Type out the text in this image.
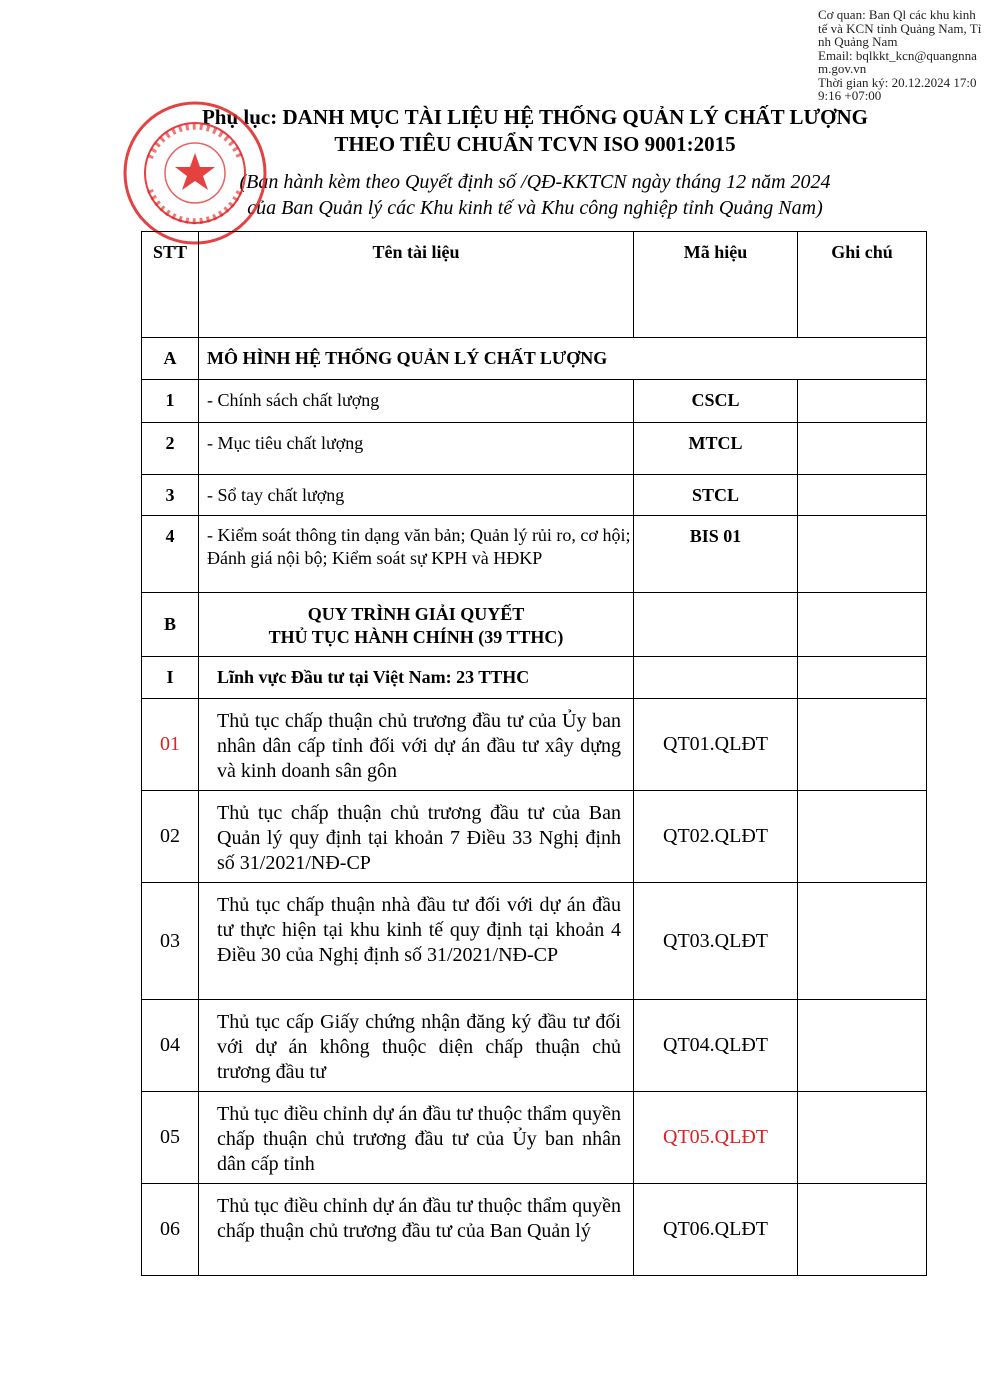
Cơ quan: Ban Ql các khu kinh tế và KCN tỉnh Quảng Nam, Tỉnh Quảng Nam
Email: bqlkkt_kcn@quangnnam.gov.vn
Thời gian ký: 20.12.2024 17:09:16 +07:00
Phụ lục: DANH MỤC TÀI LIỆU HỆ THỐNG QUẢN LÝ CHẤT LƯỢNG
THEO TIÊU CHUẨN TCVN ISO 9001:2015
(Ban hành kèm theo Quyết định số /QĐ-KKTCN ngày tháng 12 năm 2024
của Ban Quản lý các Khu kinh tế và Khu công nghiệp tỉnh Quảng Nam)
STT	Tên tài liệu	Mã hiệu	Ghi chú
A	MÔ HÌNH HỆ THỐNG QUẢN LÝ CHẤT LƯỢNG		
1	- Chính sách chất lượng	CSCL	
2	- Mục tiêu chất lượng	MTCL	
3	- Sổ tay chất lượng	STCL	
4	- Kiểm soát thông tin dạng văn bản; Quản lý rủi ro, cơ hội; Đánh giá nội bộ; Kiểm soát sự KPH và HĐKP	BIS 01	
B	QUY TRÌNH GIẢI QUYẾT
THỦ TỤC HÀNH CHÍNH (39 TTHC)		

I	Lĩnh vực Đầu tư tại Việt Nam: 23 TTHC		
01	Thủ tục chấp thuận chủ trương đầu tư của Ủy ban nhân dân cấp tỉnh đối với dự án đầu tư xây dựng và kinh doanh sân gôn	QT01.QLĐT	
02	Thủ tục chấp thuận chủ trương đầu tư của Ban Quản lý quy định tại khoản 7 Điều 33 Nghị định số 31/2021/NĐ-CP	QT02.QLĐT	
03	Thủ tục chấp thuận nhà đầu tư đối với dự án đầu tư thực hiện tại khu kinh tế quy định tại khoản 4 Điều 30 của Nghị định số 31/2021/NĐ-CP	QT03.QLĐT	
04	Thủ tục cấp Giấy chứng nhận đăng ký đầu tư đối với dự án không thuộc diện chấp thuận chủ trương đầu tư	QT04.QLĐT	
05	Thủ tục điều chỉnh dự án đầu tư thuộc thẩm quyền chấp thuận chủ trương đầu tư của Ủy ban nhân dân cấp tỉnh	QT05.QLĐT	
06	Thủ tục điều chỉnh dự án đầu tư thuộc thẩm quyền chấp thuận chủ trương đầu tư của Ban Quản lý	QT06.QLĐT	
